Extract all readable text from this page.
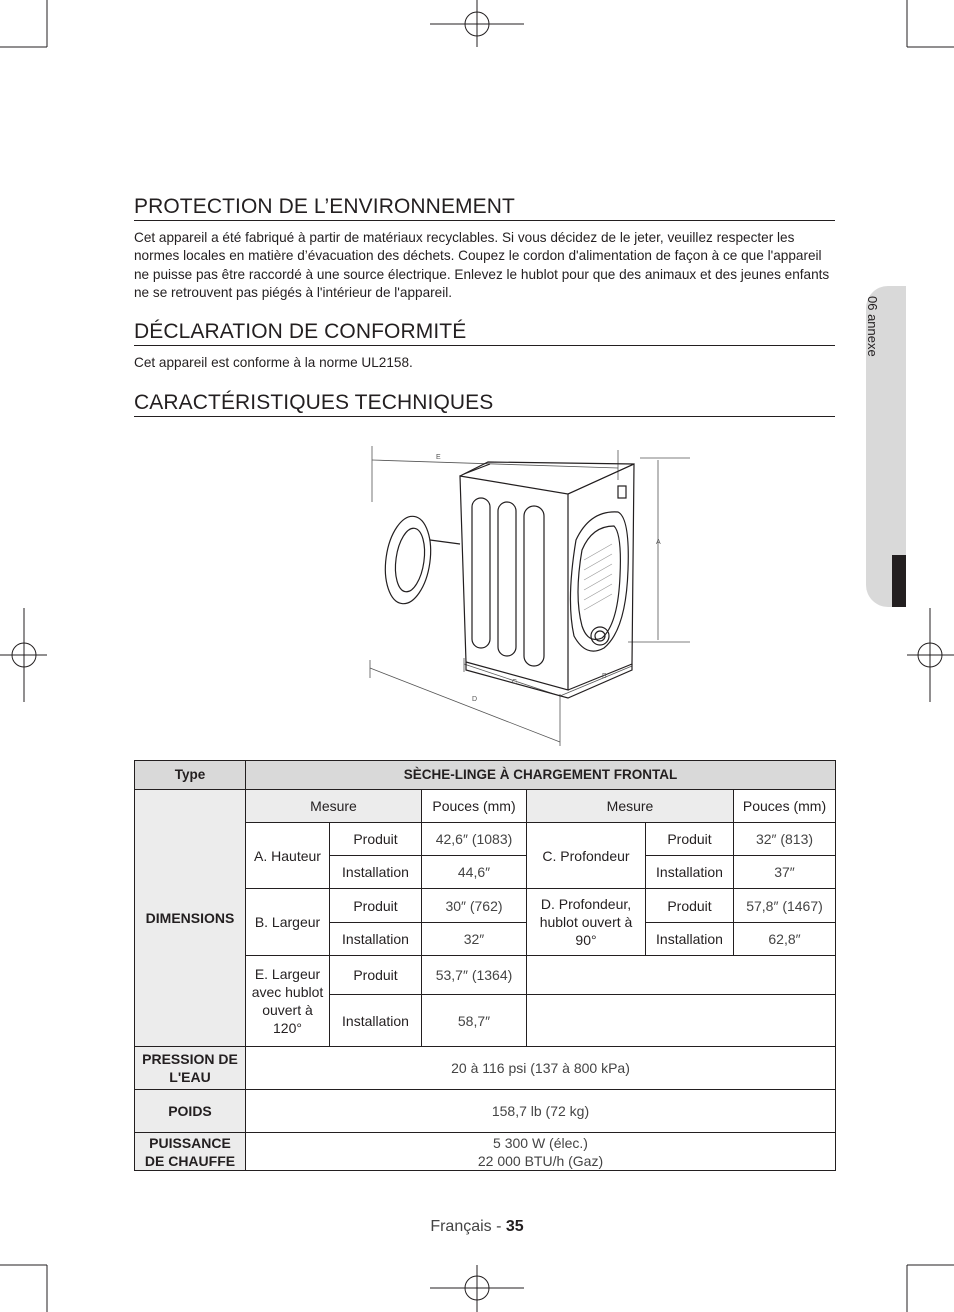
06 annexe
PROTECTION DE L’ENVIRONNEMENT

Cet appareil a été fabriqué à partir de matériaux recyclables. Si vous décidez de le jeter, veuillez respecter les normes locales en matière d’évacuation des déchets. Coupez le cordon d'alimentation de façon à ce que l'appareil ne puisse pas être raccordé à une source électrique. Enlevez le hublot pour que des animaux et des jeunes enfants ne se retrouvent pas piégés à l'intérieur de l'appareil.

DÉCLARATION DE CONFORMITÉ

Cet appareil est conforme à la norme UL2158.

CARACTÉRISTIQUES TECHNIQUES
E
A
B
C
D
Type	SÈCHE-LINGE À CHARGEMENT FRONTAL					
DIMENSIONS	Mesure		Pouces (mm)	Mesure		Pouces (mm)
	A. Hauteur	Produit	42,6″ (1083)	C. Profondeur	Produit	32″ (813)
		Installation	44,6″		Installation	37″
	B. Largeur	Produit	30″ (762)	D. Profondeur, hublot ouvert à 90°	Produit	57,8″ (1467)
		Installation	32″		Installation	62,8″
	E. Largeur avec hublot ouvert à 120°	Produit	53,7″ (1364)			
		Installation	58,7″			
PRESSION DE L'EAU	20 à 116 psi (137 à 800 kPa)					
POIDS	158,7 lb (72 kg)					
PUISSANCE DE CHAUFFE	5 300 W (élec.)
22 000 BTU/h (Gaz)					
Français - 35
